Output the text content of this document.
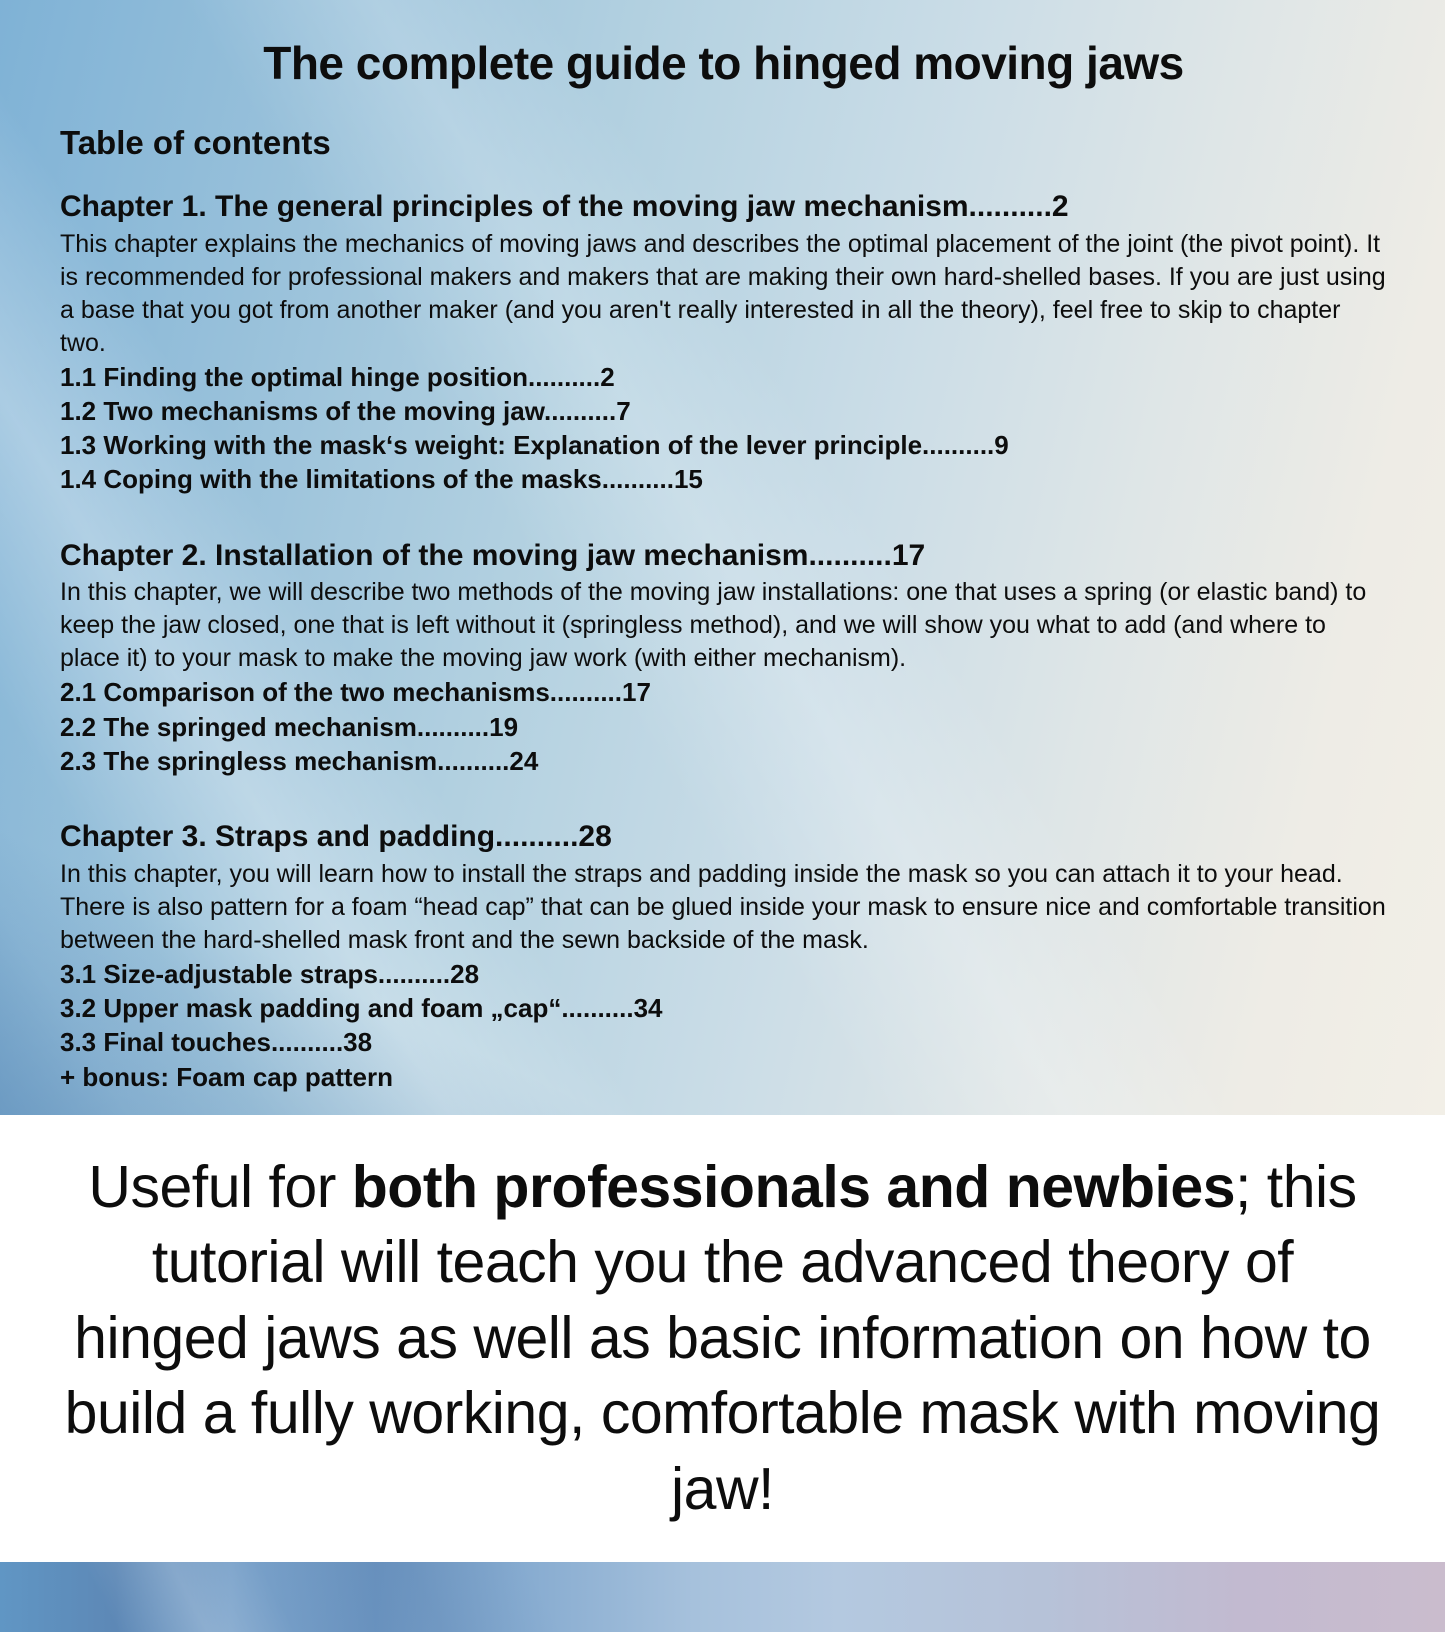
The complete guide to hinged moving jaws
Table of contents

Chapter 1. The general principles of the moving jaw mechanism..........2

This chapter explains the mechanics of moving jaws and describes the optimal placement of the joint (the pivot point). It is recommended for professional makers and makers that are making their own hard-shelled bases. If you are just using a base that you got from another maker (and you aren't really interested in all the theory), feel free to skip to chapter two.

1.1 Finding the optimal hinge position..........2
1.2 Two mechanisms of the moving jaw..........7
1.3 Working with the mask‘s weight: Explanation of the lever principle..........9
1.4 Coping with the limitations of the masks..........15

Chapter 2. Installation of the moving jaw mechanism..........17

In this chapter, we will describe two methods of the moving jaw installations: one that uses a spring (or elastic band) to keep the jaw closed, one that is left without it (springless method), and we will show you what to add (and where to place it) to your mask to make the moving jaw work (with either mechanism).

2.1 Comparison of the two mechanisms..........17
2.2 The springed mechanism..........19
2.3 The springless mechanism..........24

Chapter 3. Straps and padding..........28

In this chapter, you will learn how to install the straps and padding inside the mask so you can attach it to your head. There is also pattern for a foam “head cap” that can be glued inside your mask to ensure nice and comfortable transition between the hard-shelled mask front and the sewn backside of the mask.

3.1 Size-adjustable straps..........28
3.2 Upper mask padding and foam „cap“..........34
3.3 Final touches..........38
+ bonus: Foam cap pattern

Useful for both professionals and newbies; this tutorial will teach you the advanced theory of hinged jaws as well as basic information on how to build a fully working, comfortable mask with moving jaw!
